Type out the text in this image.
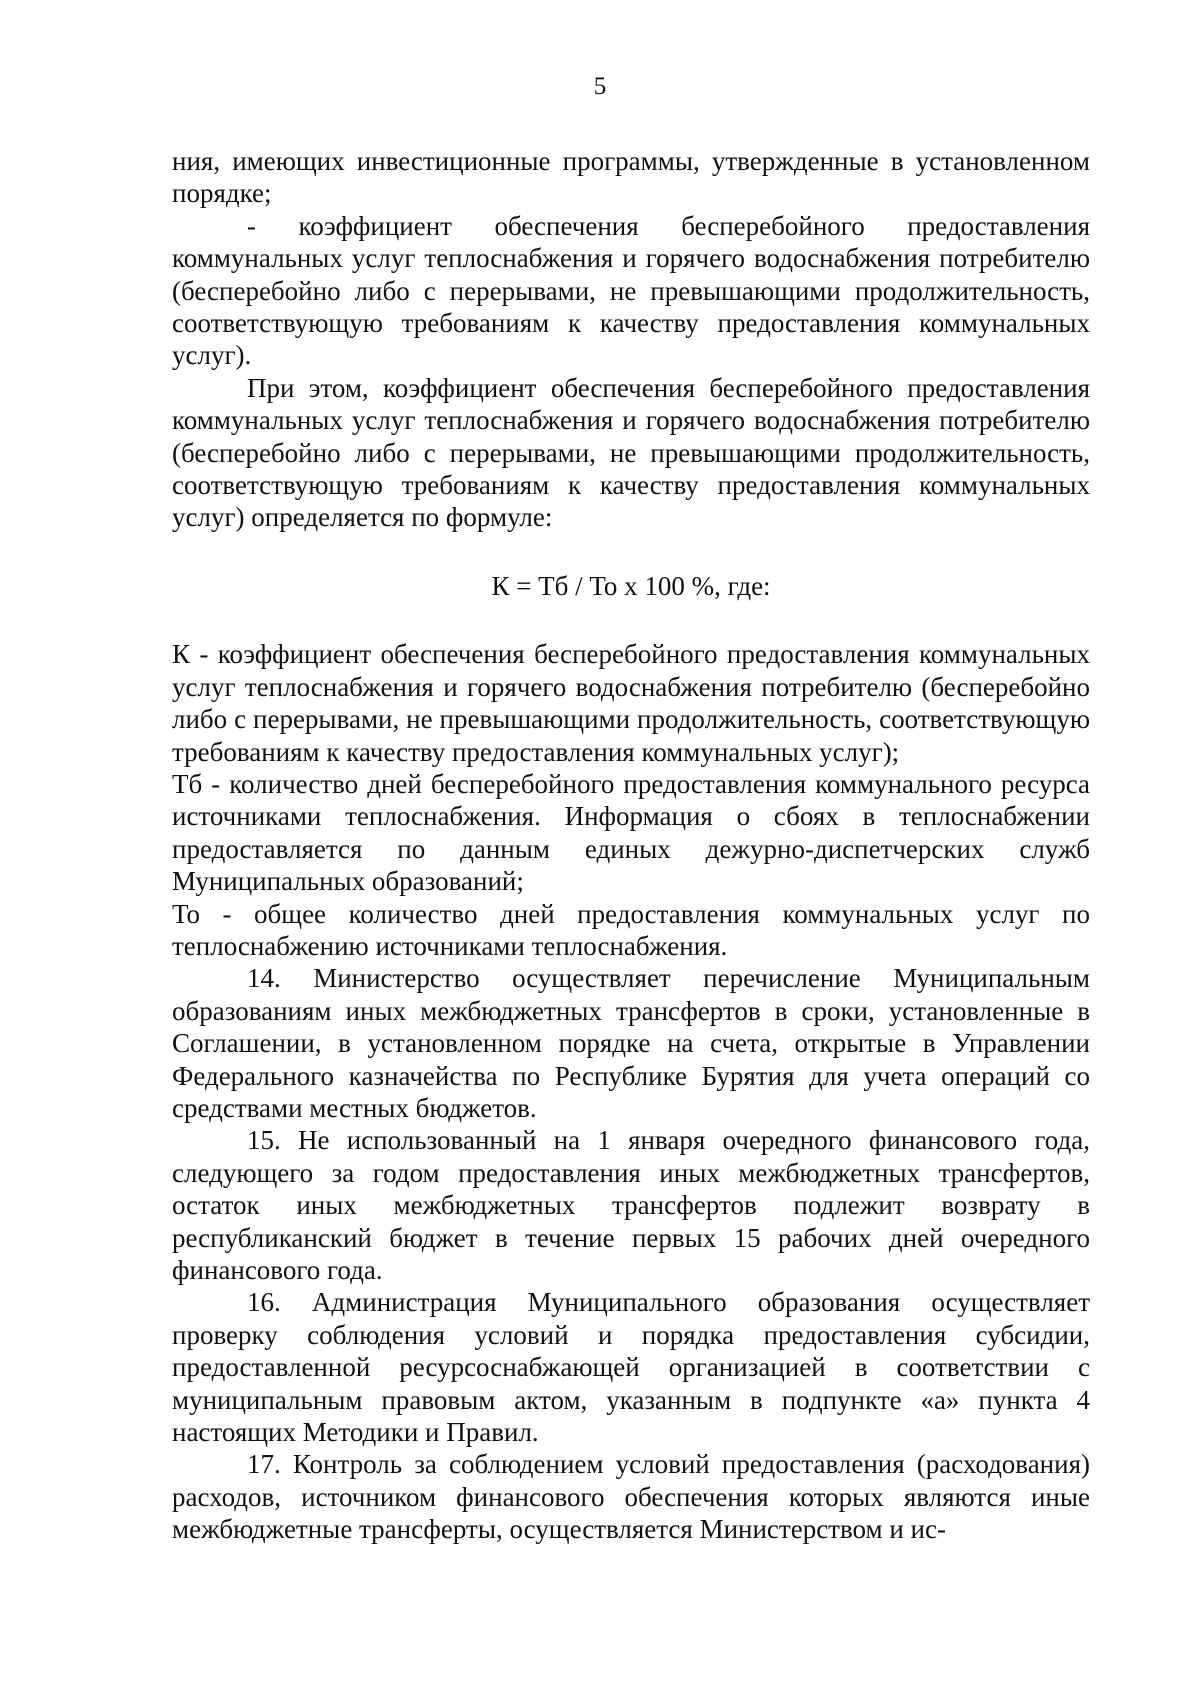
5

ния, имеющих инвестиционные программы, утвержденные в установленном порядке;

- коэффициент обеспечения бесперебойного предоставления коммунальных услуг теплоснабжения и горячего водоснабжения потребителю (бесперебойно либо с перерывами, не превышающими продолжительность, соответствующую требованиям к качеству предоставления коммунальных услуг).

При этом, коэффициент обеспечения бесперебойного предоставления коммунальных услуг теплоснабжения и горячего водоснабжения потребителю (бесперебойно либо с перерывами, не превышающими продолжительность, соответствующую требованиям к качеству предоставления коммунальных услуг) определяется по формуле:

К = Тб / То х 100 %, где:

К - коэффициент обеспечения бесперебойного предоставления коммунальных услуг теплоснабжения и горячего водоснабжения потребителю (бесперебойно либо с перерывами, не превышающими продолжительность, соответствующую требованиям к качеству предоставления коммунальных услуг);

Тб - количество дней бесперебойного предоставления коммунального ресурса источниками теплоснабжения. Информация о сбоях в теплоснабжении предоставляется по данным единых дежурно-диспетчерских служб Муниципальных образований;

То - общее количество дней предоставления коммунальных услуг по теплоснабжению источниками теплоснабжения.

14. Министерство осуществляет перечисление Муниципальным образованиям иных межбюджетных трансфертов в сроки, установленные в Соглашении, в установленном порядке на счета, открытые в Управлении Федерального казначейства по Республике Бурятия для учета операций со средствами местных бюджетов.

15. Не использованный на 1 января очередного финансового года, следующего за годом предоставления иных межбюджетных трансфертов, остаток иных межбюджетных трансфертов подлежит возврату в республиканский бюджет в течение первых 15 рабочих дней очередного финансового года.

16. Администрация Муниципального образования осуществляет проверку соблюдения условий и порядка предоставления субсидии, предоставленной ресурсоснабжающей организацией в соответствии с муниципальным правовым актом, указанным в подпункте «а» пункта 4 настоящих Методики и Правил.

17. Контроль за соблюдением условий предоставления (расходования) расходов, источником финансового обеспечения которых являются иные межбюджетные трансферты, осуществляется Министерством и ис-
